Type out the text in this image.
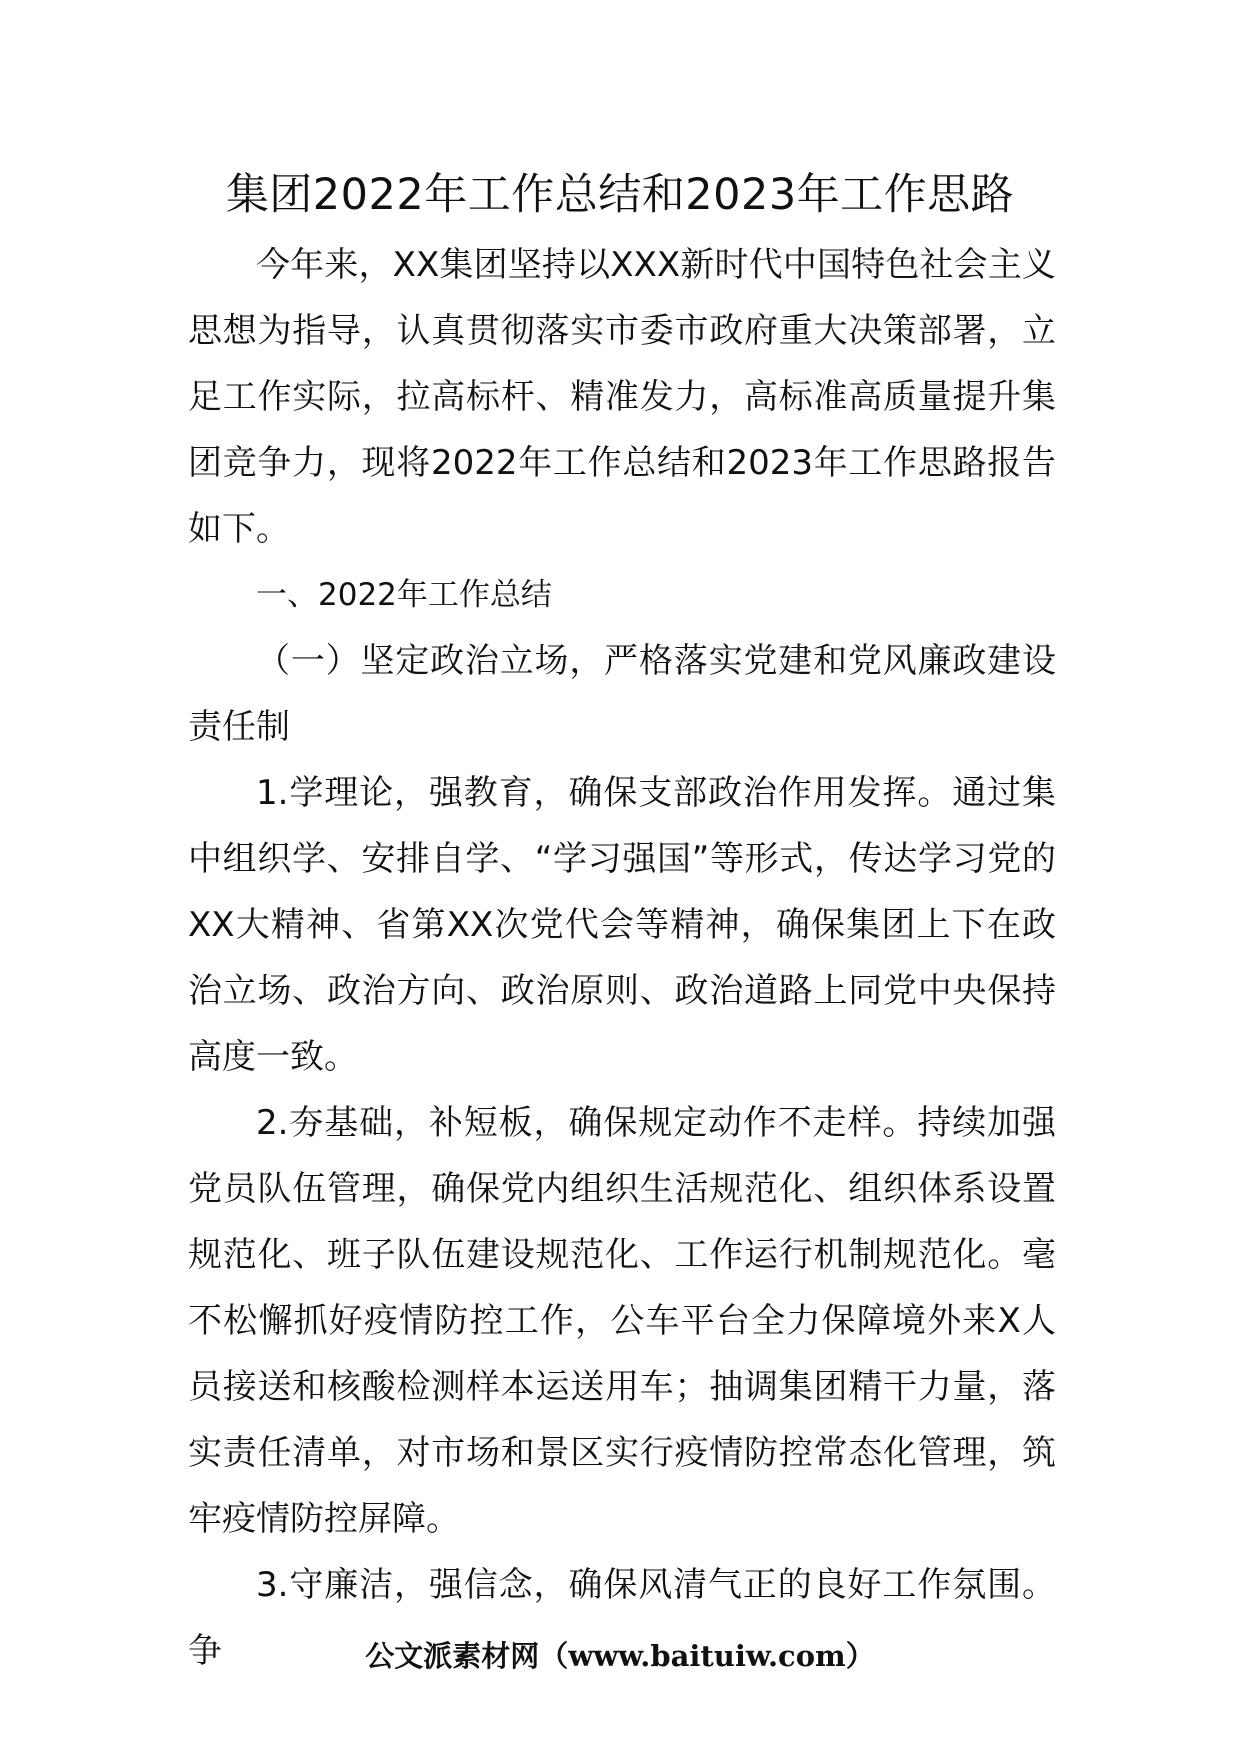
集团2022年工作总结和2023年工作思路

今年来，XX集团坚持以XXX新时代中国特色社会主义思想为指导，认真贯彻落实市委市政府重大决策部署，立足工作实际，拉高标杆、精准发力，高标准高质量提升集团竞争力，现将2022年工作总结和2023年工作思路报告如下。

一、2022年工作总结

（一）坚定政治立场，严格落实党建和党风廉政建设责任制

1.学理论，强教育，确保支部政治作用发挥。通过集中组织学、安排自学、“学习强国”等形式，传达学习党的XX大精神、省第XX次党代会等精神，确保集团上下在政治立场、政治方向、政治原则、政治道路上同党中央保持高度一致。

2.夯基础，补短板，确保规定动作不走样。持续加强党员队伍管理，确保党内组织生活规范化、组织体系设置规范化、班子队伍建设规范化、工作运行机制规范化。毫不松懈抓好疫情防控工作，公车平台全力保障境外来X人员接送和核酸检测样本运送用车；抽调集团精干力量，落实责任清单，对市场和景区实行疫情防控常态化管理，筑牢疫情防控屏障。

3.守廉洁，强信念，确保风清气正的良好工作氛围。争	公文派素材网（www.baituiw.com）
